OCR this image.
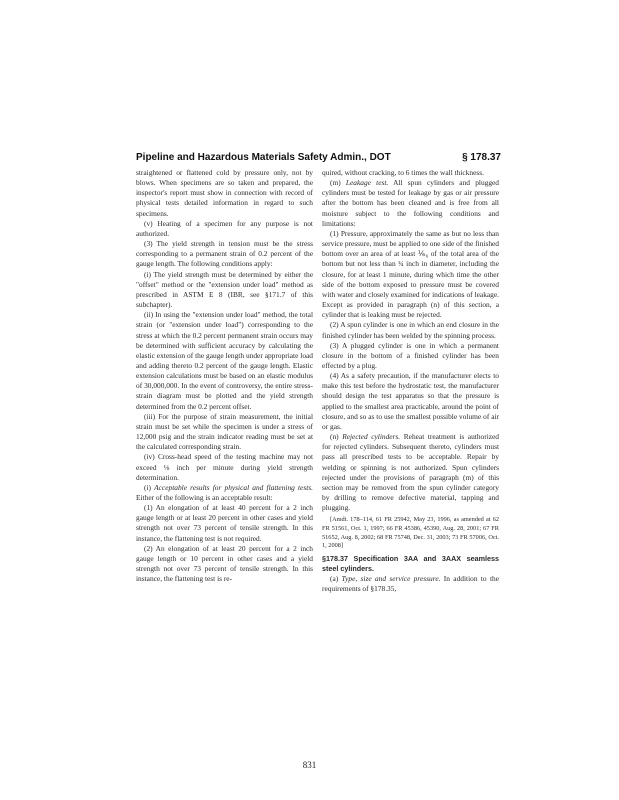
Pipeline and Hazardous Materials Safety Admin., DOT	§ 178.37

straightened or flattened cold by pressure only, not by blows. When specimens are so taken and prepared, the inspector's report must show in connection with record of physical tests detailed information in regard to such specimens.

(v) Heating of a specimen for any purpose is not authorized.

(3) The yield strength in tension must be the stress corresponding to a permanent strain of 0.2 percent of the gauge length. The following conditions apply:

(i) The yield strength must be determined by either the "offset" method or the "extension under load" method as prescribed in ASTM E 8 (IBR, see §171.7 of this subchapter).

(ii) In using the "extension under load" method, the total strain (or "extension under load") corresponding to the stress at which the 0.2 percent permanent strain occurs may be determined with sufficient accuracy by calculating the elastic extension of the gauge length under appropriate load and adding thereto 0.2 percent of the gauge length. Elastic extension calculations must be based on an elastic modulus of 30,000,000. In the event of controversy, the entire stress-strain diagram must be plotted and the yield strength determined from the 0.2 percent offset.

(iii) For the purpose of strain measurement, the initial strain must be set while the specimen is under a stress of 12,000 psig and the strain indicator reading must be set at the calculated corresponding strain.

(iv) Cross-head speed of the testing machine may not exceed ⅛ inch per minute during yield strength determination.

(i) Acceptable results for physical and flattening tests. Either of the following is an acceptable result:

(1) An elongation of at least 40 percent for a 2 inch gauge length or at least 20 percent in other cases and yield strength not over 73 percent of tensile strength. In this instance, the flattening test is not required.

(2) An elongation of at least 20 percent for a 2 inch gauge length or 10 percent in other cases and a yield strength not over 73 percent of tensile strength. In this instance, the flattening test is re-

quired, without cracking, to 6 times the wall thickness.

(m) Leakage test. All spun cylinders and plugged cylinders must be tested for leakage by gas or air pressure after the bottom has been cleaned and is free from all moisture subject to the following conditions and limitations:

(1) Pressure, approximately the same as but no less than service pressure, must be applied to one side of the finished bottom over an area of at least ⅙₆ of the total area of the bottom but not less than ¾ inch in diameter, including the closure, for at least 1 minute, during which time the other side of the bottom exposed to pressure must be covered with water and closely examined for indications of leakage. Except as provided in paragraph (n) of this section, a cylinder that is leaking must be rejected.

(2) A spun cylinder is one in which an end closure in the finished cylinder has been welded by the spinning process.

(3) A plugged cylinder is one in which a permanent closure in the bottom of a finished cylinder has been effected by a plug.

(4) As a safety precaution, if the manufacturer elects to make this test before the hydrostatic test, the manufacturer should design the test apparatus so that the pressure is applied to the smallest area practicable, around the point of closure, and so as to use the smallest possible volume of air or gas.

(n) Rejected cylinders. Reheat treatment is authorized for rejected cylinders. Subsequent thereto, cylinders must pass all prescribed tests to be acceptable. Repair by welding or spinning is not authorized. Spun cylinders rejected under the provisions of paragraph (m) of this section may be removed from the spun cylinder category by drilling to remove defective material, tapping and plugging.

[Amdt. 178–114, 61 FR 25942, May 23, 1996, as amended at 62 FR 51561, Oct. 1, 1997; 66 FR 45386, 45390, Aug. 28, 2001; 67 FR 51652, Aug. 8, 2002; 68 FR 75748, Dec. 31, 2003; 73 FR 57006, Oct. 1, 2008]

§178.37 Specification 3AA and 3AAX seamless steel cylinders.

(a) Type, size and service pressure. In addition to the requirements of §178.35,

831
